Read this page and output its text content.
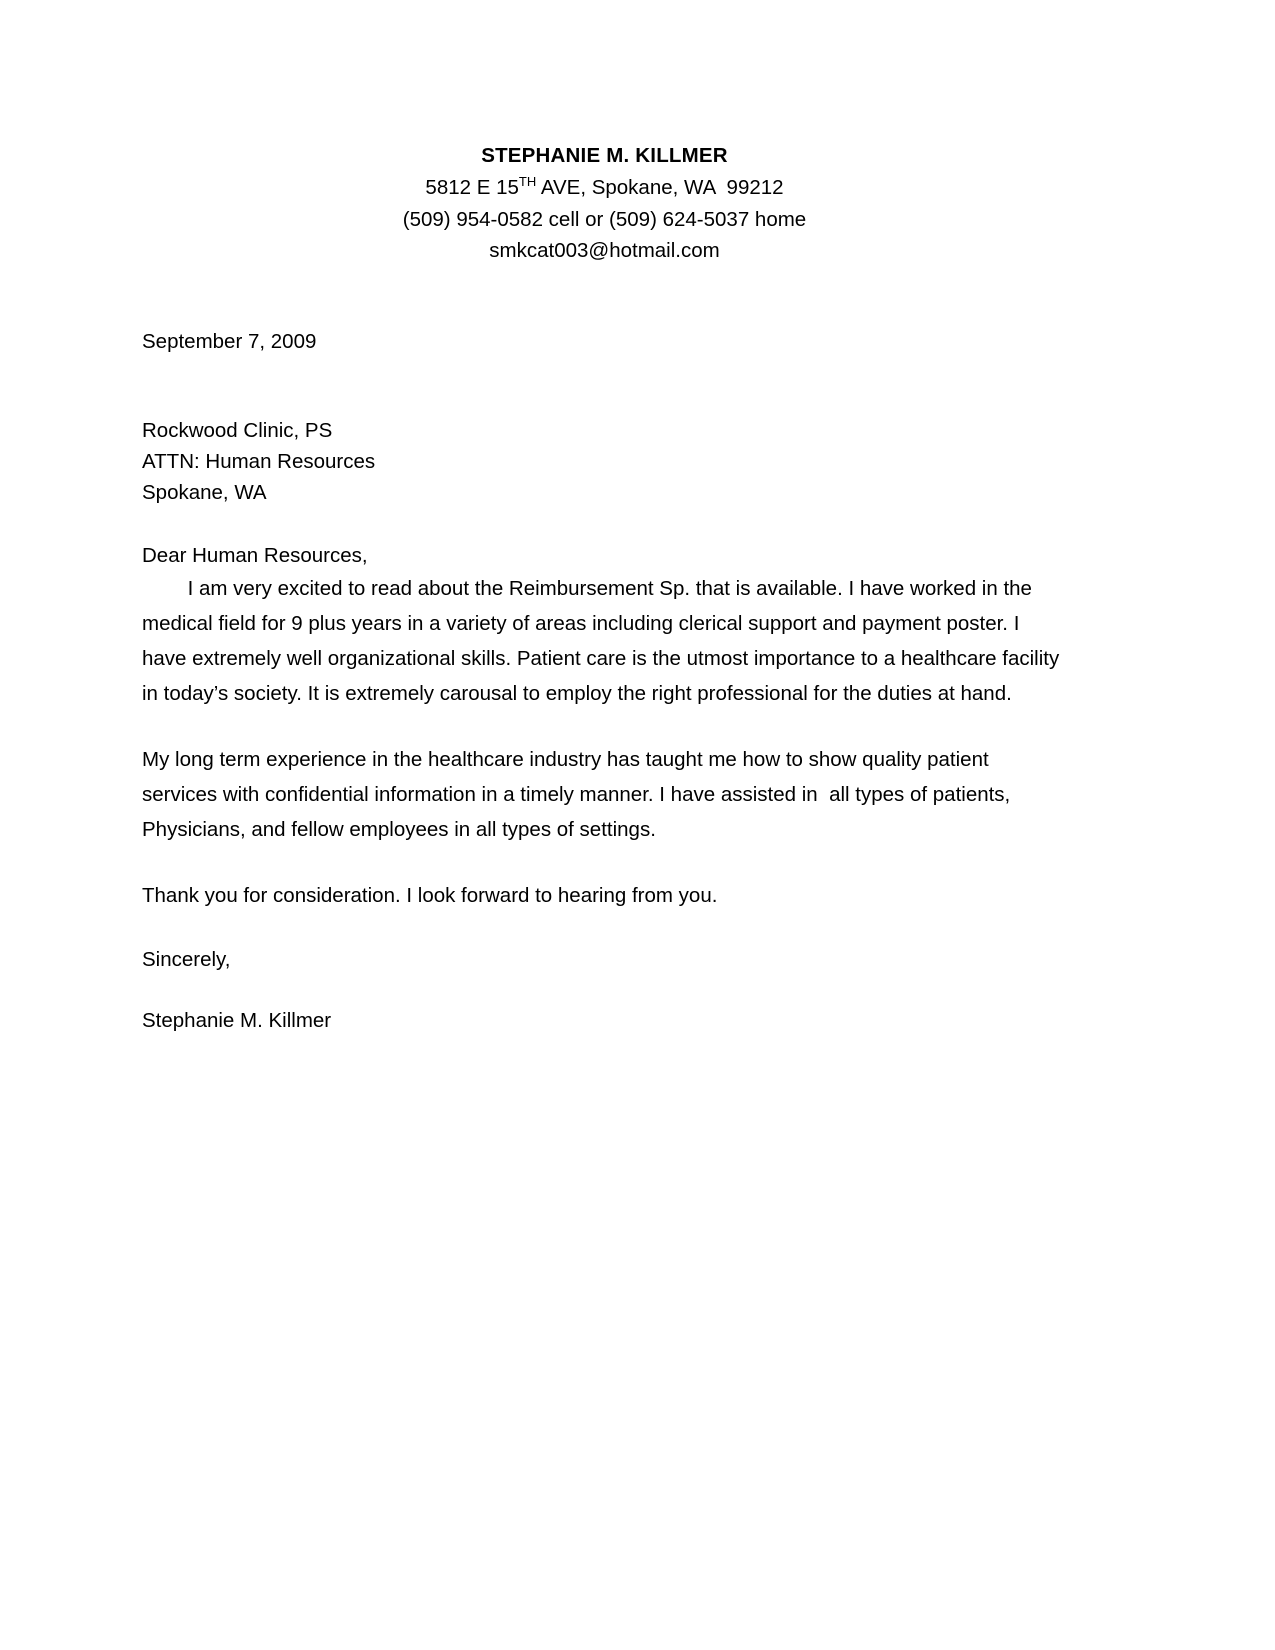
STEPHANIE M. KILLMER
5812 E 15TH AVE, Spokane, WA  99212
(509) 954-0582 cell or (509) 624-5037 home
smkcat003@hotmail.com
September 7, 2009
Rockwood Clinic, PS
ATTN: Human Resources
Spokane, WA
Dear Human Resources,
	I am very excited to read about the Reimbursement Sp. that is available. I have worked in the medical field for 9 plus years in a variety of areas including clerical support and payment poster. I have extremely well organizational skills. Patient care is the utmost importance to a healthcare facility in today’s society. It is extremely carousal to employ the right professional for the duties at hand.
My long term experience in the healthcare industry has taught me how to show quality patient services with confidential information in a timely manner. I have assisted in  all types of patients, Physicians, and fellow employees in all types of settings.
Thank you for consideration. I look forward to hearing from you.
Sincerely,
Stephanie M. Killmer
